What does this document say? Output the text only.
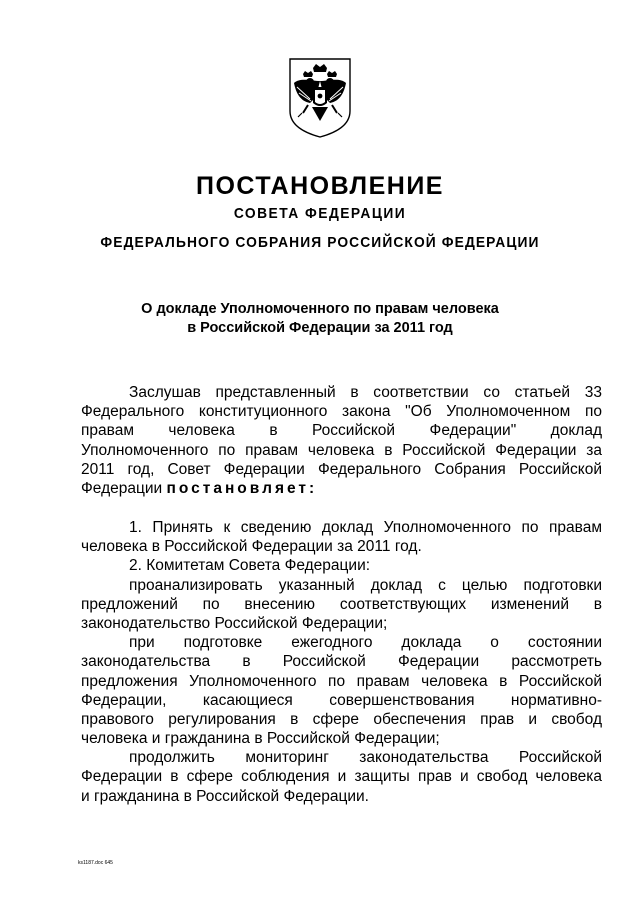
ПОСТАНОВЛЕНИЕ
СОВЕТА ФЕДЕРАЦИИ
ФЕДЕРАЛЬНОГО СОБРАНИЯ РОССИЙСКОЙ ФЕДЕРАЦИИ
О докладе Уполномоченного по правам человека
в Российской Федерации за 2011 год
Заслушав представленный в соответствии со статьей 33
Федерального конституционного закона "Об Уполномоченном по
правам человека в Российской Федерации" доклад
Уполномоченного по правам человека в Российской Федерации за
2011 год, Совет Федерации Федерального Собрания Российской
Федерации постановляет:
1. Принять к сведению доклад Уполномоченного по правам
человека в Российской Федерации за 2011 год.
2. Комитетам Совета Федерации:
проанализировать указанный доклад с целью подготовки
предложений по внесению соответствующих изменений в
законодательство Российской Федерации;
при подготовке ежегодного доклада о состоянии
законодательства в Российской Федерации рассмотреть
предложения Уполномоченного по правам человека в Российской
Федерации, касающиеся совершенствования нормативно-
правового регулирования в сфере обеспечения прав и свобод
человека и гражданина в Российской Федерации;
продолжить мониторинг законодательства Российской
Федерации в сфере соблюдения и защиты прав и свобод человека
и гражданина в Российской Федерации.
ks1187.doc 645
